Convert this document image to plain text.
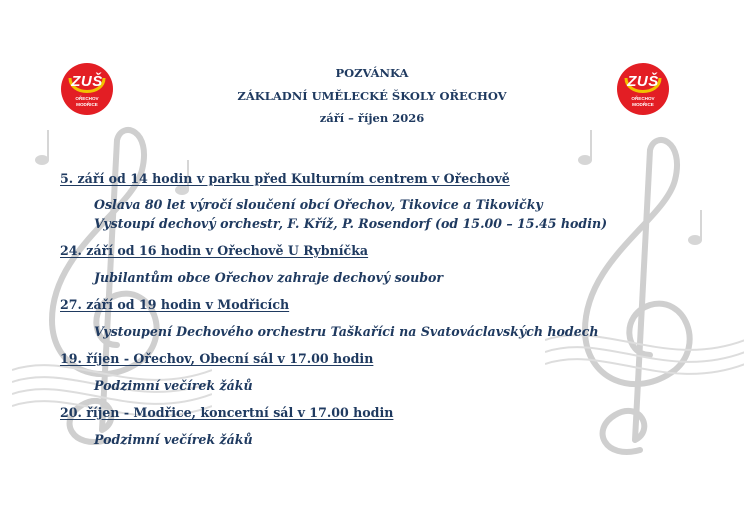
ZUŠ
OŘECHOV
MODŘICE
ZUŠ
OŘECHOV
MODŘICE
POZVÁNKA
ZÁKLADNÍ UMĚLECKÉ ŠKOLY OŘECHOV
září – říjen 2026
5. září od 14 hodin v parku před Kulturním centrem v Ořechově
Oslava 80 let výročí sloučení obcí Ořechov, Tikovice a Tikovičky
Vystoupí dechový orchestr, F. Kříž, P. Rosendorf (od 15.00 – 15.45 hodin)
24. září od 16 hodin v Ořechově U Rybníčka
Jubilantům obce Ořechov zahraje dechový soubor
27. září od 19 hodin v Modřicích
Vystoupení Dechového orchestru Taškaříci na Svatováclavských hodech
19. říjen - Ořechov, Obecní sál v 17.00 hodin
Podzimní večírek žáků
20. říjen - Modřice, koncertní sál v 17.00 hodin
Podzimní večírek žáků
